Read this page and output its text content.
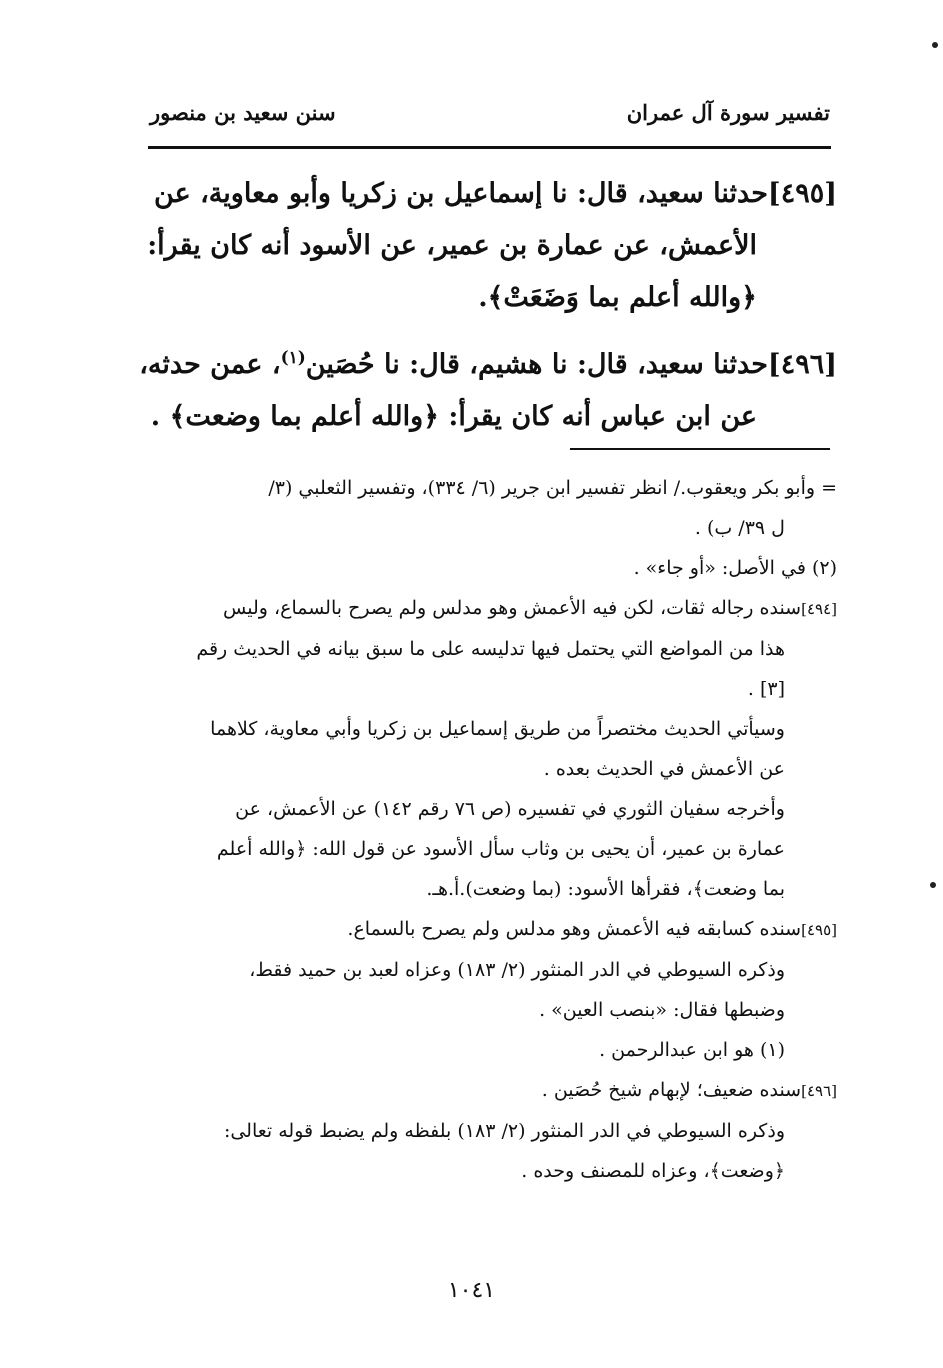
تفسير سورة آل عمران
سنن سعيد بن منصور
[٤٩٥]حدثنا سعيد، قال: نا إسماعيل بن زكريا وأبو معاوية، عن
الأعمش، عن عمارة بن عمير، عن الأسود أنه كان يقرأ:
﴿والله أعلم بما وَضَعَتْ﴾.
[٤٩٦]حدثنا سعيد، قال: نا هشيم، قال: نا حُصَين$^{(١)}$، عمن حدثه،
عن ابن عباس أنه كان يقرأ: ﴿والله أعلم بما وضعت﴾ .
= وأبو بكر ويعقوب./ انظر تفسير ابن جرير (٦/ ٣٣٤)، وتفسير الثعلبي (٣/
ل ٣٩/ ب) .
(٢) في الأصل: «أو جاء» .
[٤٩٤]سنده رجاله ثقات، لكن فيه الأعمش وهو مدلس ولم يصرح بالسماع، وليس
هذا من المواضع التي يحتمل فيها تدليسه على ما سبق بيانه في الحديث رقم
[٣] .
وسيأتي الحديث مختصراً من طريق إسماعيل بن زكريا وأبي معاوية، كلاهما
عن الأعمش في الحديث بعده .
وأخرجه سفيان الثوري في تفسيره (ص ٧٦ رقم ١٤٢) عن الأعمش، عن
عمارة بن عمير، أن يحيى بن وثاب سأل الأسود عن قول الله: ﴿والله أعلم
بما وضعت﴾، فقرأها الأسود: (بما وضعت).أ.هـ.
[٤٩٥]سنده كسابقه فيه الأعمش وهو مدلس ولم يصرح بالسماع.
وذكره السيوطي في الدر المنثور (٢/ ١٨٣) وعزاه لعبد بن حميد فقط،
وضبطها فقال: «بنصب العين» .
(١) هو ابن عبدالرحمن .
[٤٩٦]سنده ضعيف؛ لإبهام شيخ حُصَين .
وذكره السيوطي في الدر المنثور (٢/ ١٨٣) بلفظه ولم يضبط قوله تعالى:
﴿وضعت﴾، وعزاه للمصنف وحده .
١٠٤١
